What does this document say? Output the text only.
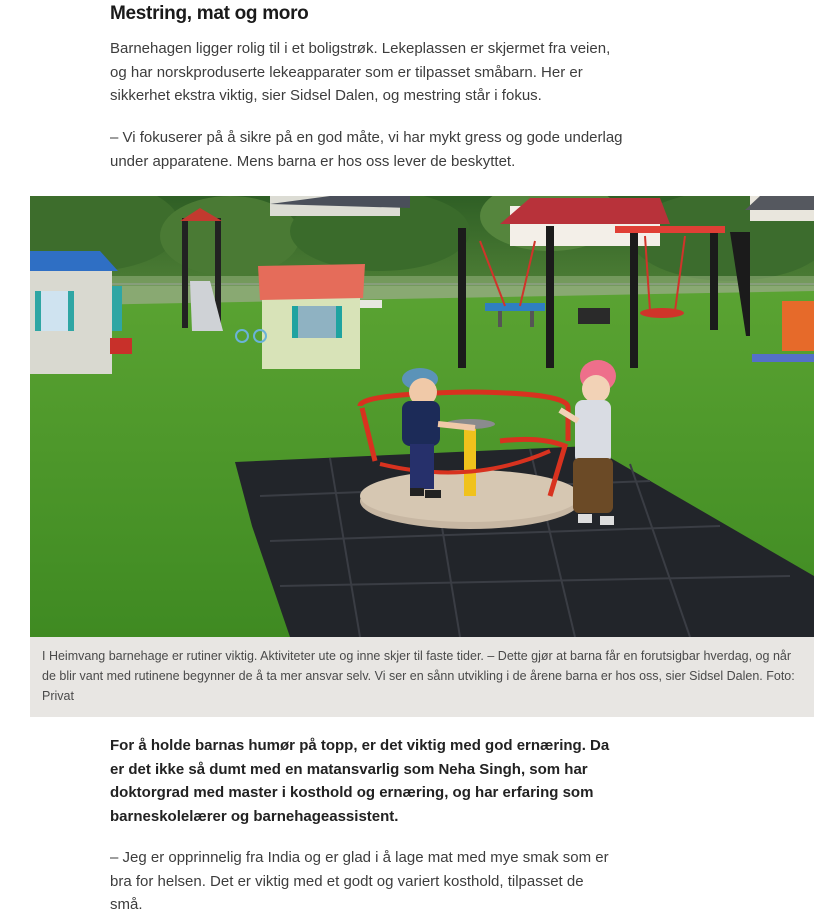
Mestring, mat og moro

Barnehagen ligger rolig til i et boligstrøk. Lekeplassen er skjermet fra veien, og har norskproduserte lekeapparater som er tilpasset småbarn. Her er sikkerhet ekstra viktig, sier Sidsel Dalen, og mestring står i fokus.

– Vi fokuserer på å sikre på en god måte, vi har mykt gress og gode underlag under apparatene. Mens barna er hos oss lever de beskyttet.

I Heimvang barnehage er rutiner viktig. Aktiviteter ute og inne skjer til faste tider. – Dette gjør at barna får en forutsigbar hverdag, og når de blir vant med rutinene begynner de å ta mer ansvar selv. Vi ser en sånn utvikling i de årene barna er hos oss, sier Sidsel Dalen. Foto: Privat

For å holde barnas humør på topp, er det viktig med god ernæring. Da er det ikke så dumt med en matansvarlig som Neha Singh, som har doktorgrad med master i kosthold og ernæring, og har erfaring som barneskolelærer og barnehageassistent.

– Jeg er opprinnelig fra India og er glad i å lage mat med mye smak som er bra for helsen. Det er viktig med et godt og variert kosthold, tilpasset de små.
